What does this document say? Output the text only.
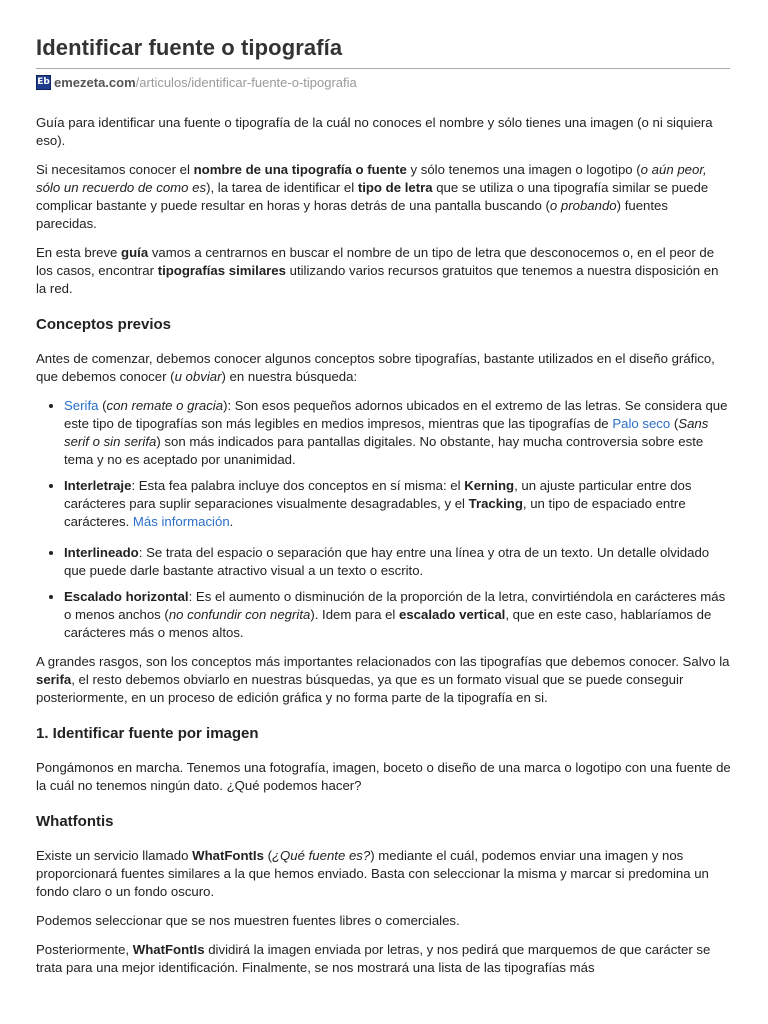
Identificar fuente o tipografía
Eb emezeta.com /articulos/identificar-fuente-o-tipografia

Guía para identificar una fuente o tipografía de la cuál no conoces el nombre y sólo tienes una imagen (o ni siquiera eso).

Si necesitamos conocer el nombre de una tipografía o fuente y sólo tenemos una imagen o logotipo (o aún peor, sólo un recuerdo de como es), la tarea de identificar el tipo de letra que se utiliza o una tipografía similar se puede complicar bastante y puede resultar en horas y horas detrás de una pantalla buscando (o probando) fuentes parecidas.

En esta breve guía vamos a centrarnos en buscar el nombre de un tipo de letra que desconocemos o, en el peor de los casos, encontrar tipografías similares utilizando varios recursos gratuitos que tenemos a nuestra disposición en la red.

Conceptos previos

Antes de comenzar, debemos conocer algunos conceptos sobre tipografías, bastante utilizados en el diseño gráfico, que debemos conocer (u obviar) en nuestra búsqueda:

• Serifa (con remate o gracia): Son esos pequeños adornos ubicados en el extremo de las letras. Se considera que este tipo de tipografías son más legibles en medios impresos, mientras que las tipografías de Palo seco (Sans serif o sin serifa) son más indicados para pantallas digitales. No obstante, hay mucha controversia sobre este tema y no es aceptado por unanimidad.
• Interletraje: Esta fea palabra incluye dos conceptos en sí misma: el Kerning, un ajuste particular entre dos carácteres para suplir separaciones visualmente desagradables, y el Tracking, un tipo de espaciado entre carácteres. Más información.
• Interlineado: Se trata del espacio o separación que hay entre una línea y otra de un texto. Un detalle olvidado que puede darle bastante atractivo visual a un texto o escrito.
• Escalado horizontal: Es el aumento o disminución de la proporción de la letra, convirtiéndola en carácteres más o menos anchos (no confundir con negrita). Idem para el escalado vertical, que en este caso, hablaríamos de carácteres más o menos altos.

A grandes rasgos, son los conceptos más importantes relacionados con las tipografías que debemos conocer. Salvo la serifa, el resto debemos obviarlo en nuestras búsquedas, ya que es un formato visual que se puede conseguir posteriormente, en un proceso de edición gráfica y no forma parte de la tipografía en si.

1. Identificar fuente por imagen

Pongámonos en marcha. Tenemos una fotografía, imagen, boceto o diseño de una marca o logotipo con una fuente de la cuál no tenemos ningún dato. ¿Qué podemos hacer?

Whatfontis

Existe un servicio llamado WhatFontIs (¿Qué fuente es?) mediante el cuál, podemos enviar una imagen y nos proporcionará fuentes similares a la que hemos enviado. Basta con seleccionar la misma y marcar si predomina un fondo claro o un fondo oscuro.

Podemos seleccionar que se nos muestren fuentes libres o comerciales.

Posteriormente, WhatFontIs dividirá la imagen enviada por letras, y nos pedirá que marquemos de que carácter se trata para una mejor identificación. Finalmente, se nos mostrará una lista de las tipografías más
